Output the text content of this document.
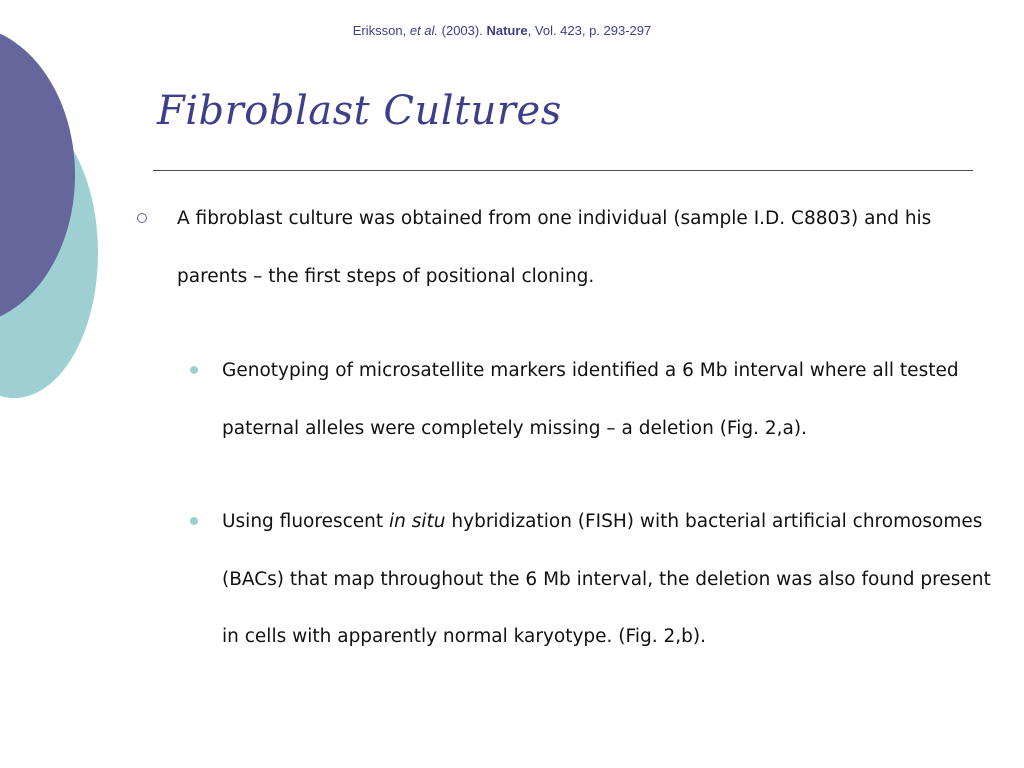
Eriksson, et al. (2003). Nature, Vol. 423, p. 293-297
Fibroblast Cultures

A fibroblast culture was obtained from one individual (sample I.D. C8803) and his parents – the first steps of positional cloning.

Genotyping of microsatellite markers identified a 6 Mb interval where all tested paternal alleles were completely missing – a deletion (Fig. 2,a).

Using fluorescent in situ hybridization (FISH) with bacterial artificial chromosomes (BACs) that map throughout the 6 Mb interval, the deletion was also found present in cells with apparently normal karyotype. (Fig. 2,b).
